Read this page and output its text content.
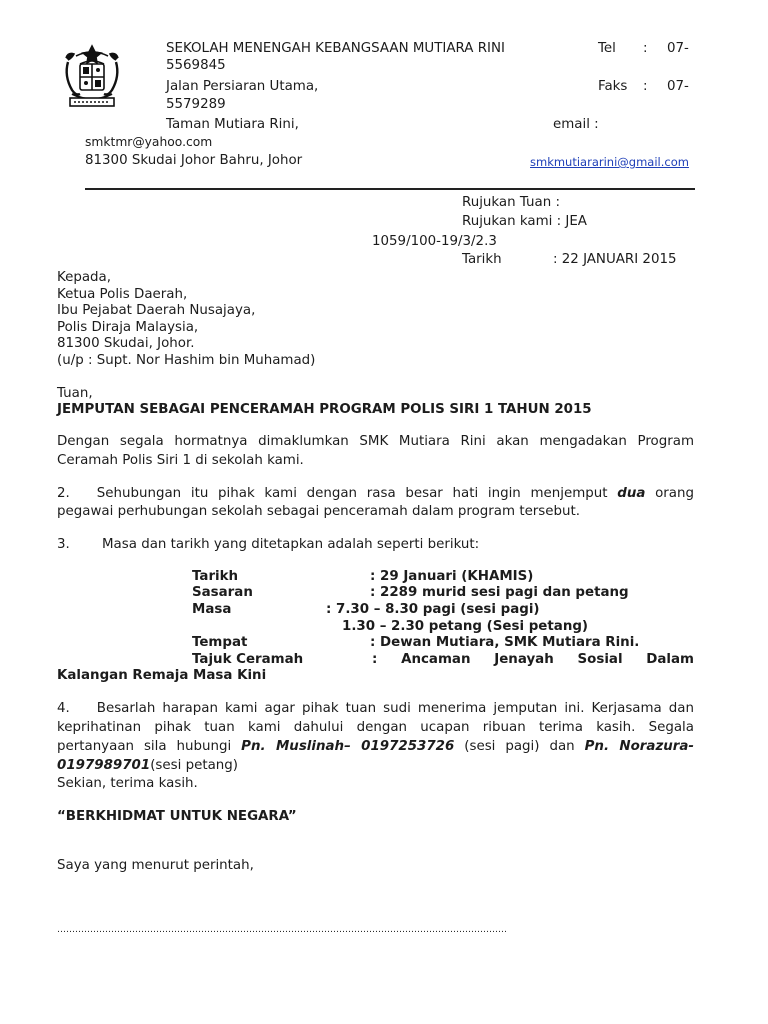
SEKOLAH MENENGAH KEBANGSAAN MUTIARA RINI	Tel : 07-
5569845
Jalan Persiaran Utama,	Faks : 07-
5579289
Taman Mutiara Rini,	email :
smktmr@yahoo.com
81300 Skudai Johor Bahru, Johor	smkmutiararini@gmail.com
Rujukan Tuan :
Rujukan kami : JEA
1059/100-19/3/2.3
Tarikh	: 22 JANUARI 2015
Kepada,
Ketua Polis Daerah,
Ibu Pejabat Daerah Nusajaya,
Polis Diraja Malaysia,
81300 Skudai, Johor.
(u/p : Supt. Nor Hashim bin Muhamad)
Tuan,
JEMPUTAN SEBAGAI PENCERAMAH PROGRAM POLIS SIRI 1 TAHUN 2015
Dengan segala hormatnya dimaklumkan SMK Mutiara Rini akan mengadakan Program
Ceramah Polis Siri 1 di sekolah kami.
2. Sehubungan itu pihak kami dengan rasa besar hati ingin menjemput dua orang
pegawai perhubungan sekolah sebagai penceramah dalam program tersebut.
3. Masa dan tarikh yang ditetapkan adalah seperti berikut:
Tarikh	: 29 Januari (KHAMIS)
Sasaran	: 2289 murid sesi pagi dan petang
Masa	: 7.30 – 8.30 pagi (sesi pagi)
1.30 – 2.30 petang (Sesi petang)
Tempat	: Dewan Mutiara, SMK Mutiara Rini.
Tajuk Ceramah	: Ancaman Jenayah Sosial Dalam
Kalangan Remaja Masa Kini
4. Besarlah harapan kami agar pihak tuan sudi menerima jemputan ini. Kerjasama dan
keprihatinan pihak tuan kami dahului dengan ucapan ribuan terima kasih. Segala
pertanyaan sila hubungi Pn. Muslinah– 0197253726 (sesi pagi) dan Pn. Norazura-
0197989701(sesi petang)
Sekian, terima kasih.
“BERKHIDMAT UNTUK NEGARA”
Saya yang menurut perintah,
……………………………………………………………………………………………………………………………………
